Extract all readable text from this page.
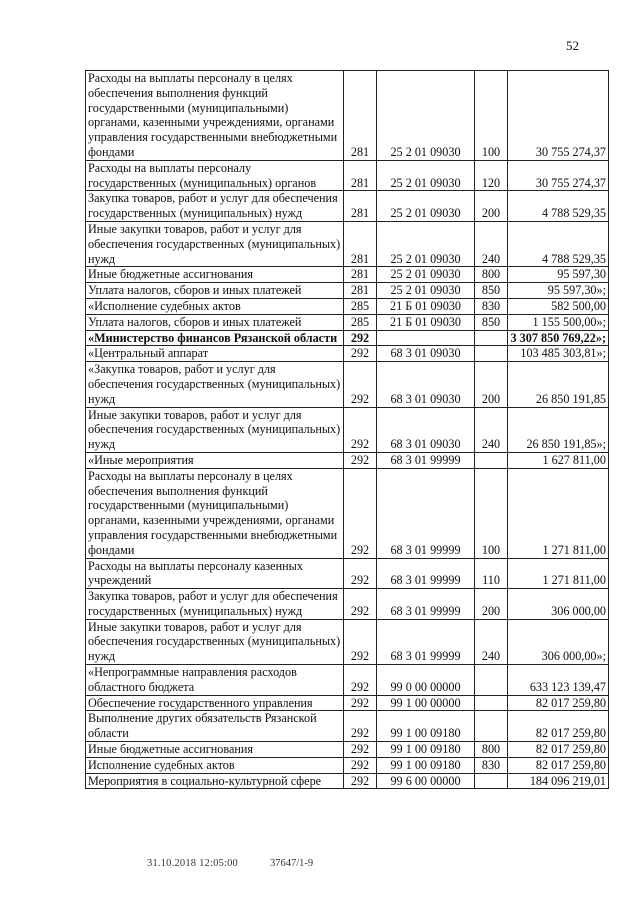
52
Расходы на выплаты персоналу в целях обеспечения выполнения функций государственными (муниципальными) органами, казенными учреждениями, органами управления государственными внебюджетными фондами	281	25 2 01 09030	100	30 755 274,37
Расходы на выплаты персоналу государственных (муниципальных) органов	281	25 2 01 09030	120	30 755 274,37
Закупка товаров, работ и услуг для обеспечения государственных (муниципальных) нужд	281	25 2 01 09030	200	4 788 529,35
Иные закупки товаров, работ и услуг для обеспечения государственных (муниципальных) нужд	281	25 2 01 09030	240	4 788 529,35
Иные бюджетные ассигнования	281	25 2 01 09030	800	95 597,30
Уплата налогов, сборов и иных платежей	281	25 2 01 09030	850	95 597,30»;
«Исполнение судебных актов	285	21 Б 01 09030	830	582 500,00
Уплата налогов, сборов и иных платежей	285	21 Б 01 09030	850	1 155 500,00»;
«Министерство финансов Рязанской области	292			3 307 850 769,22»;
«Центральный аппарат	292	68 3 01 09030		103 485 303,81»;
«Закупка товаров, работ и услуг для обеспечения государственных (муниципальных) нужд	292	68 3 01 09030	200	26 850 191,85
Иные закупки товаров, работ и услуг для обеспечения государственных (муниципальных) нужд	292	68 3 01 09030	240	26 850 191,85»;
«Иные мероприятия	292	68 3 01 99999		1 627 811,00
Расходы на выплаты персоналу в целях обеспечения выполнения функций государственными (муниципальными) органами, казенными учреждениями, органами управления государственными внебюджетными фондами	292	68 3 01 99999	100	1 271 811,00
Расходы на выплаты персоналу казенных учреждений	292	68 3 01 99999	110	1 271 811,00
Закупка товаров, работ и услуг для обеспечения государственных (муниципальных) нужд	292	68 3 01 99999	200	306 000,00
Иные закупки товаров, работ и услуг для обеспечения государственных (муниципальных) нужд	292	68 3 01 99999	240	306 000,00»;
«Непрограммные направления расходов областного бюджета	292	99 0 00 00000		633 123 139,47
Обеспечение государственного управления	292	99 1 00 00000		82 017 259,80
Выполнение других обязательств Рязанской области	292	99 1 00 09180		82 017 259,80
Иные бюджетные ассигнования	292	99 1 00 09180	800	82 017 259,80
Исполнение судебных актов	292	99 1 00 09180	830	82 017 259,80
Мероприятия в социально-культурной сфере	292	99 6 00 00000		184 096 219,01
31.10.2018 12:05:00	37647/1-9
